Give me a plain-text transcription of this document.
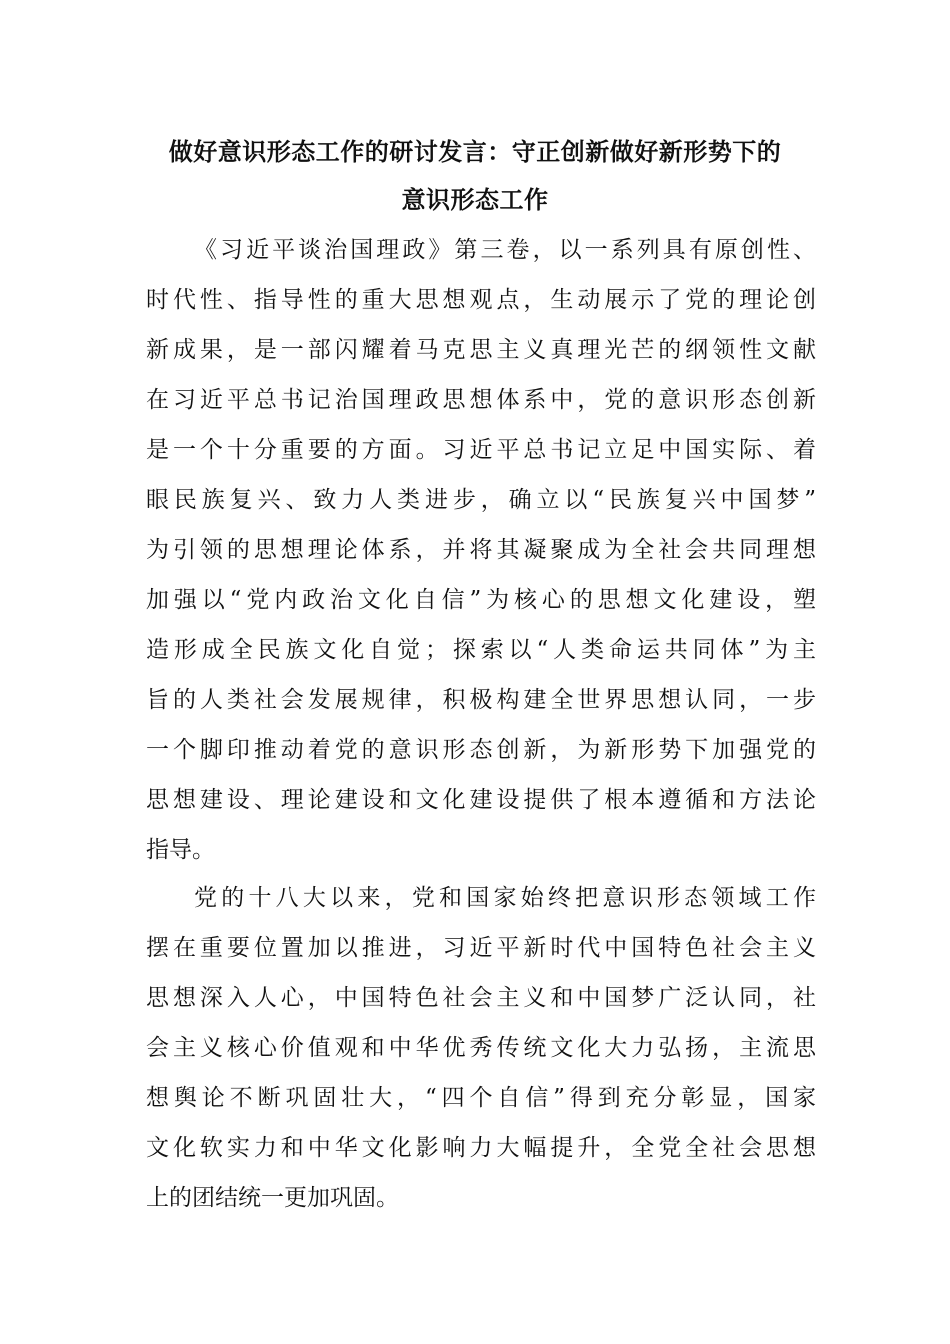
做好意识形态工作的研讨发言：守正创新做好新形势下的
意识形态工作
《习近平谈治国理政》第三卷，以一系列具有原创性、
时代性、指导性的重大思想观点，生动展示了党的理论创
新成果，是一部闪耀着马克思主义真理光芒的纲领性文献
在习近平总书记治国理政思想体系中，党的意识形态创新
是一个十分重要的方面。习近平总书记立足中国实际、着
眼民族复兴、致力人类进步，确立以“民族复兴中国梦”
为引领的思想理论体系，并将其凝聚成为全社会共同理想
加强以“党内政治文化自信”为核心的思想文化建设，塑
造形成全民族文化自觉；探索以“人类命运共同体”为主
旨的人类社会发展规律，积极构建全世界思想认同，一步
一个脚印推动着党的意识形态创新，为新形势下加强党的
思想建设、理论建设和文化建设提供了根本遵循和方法论
指导。
党的十八大以来，党和国家始终把意识形态领域工作
摆在重要位置加以推进，习近平新时代中国特色社会主义
思想深入人心，中国特色社会主义和中国梦广泛认同，社
会主义核心价值观和中华优秀传统文化大力弘扬，主流思
想舆论不断巩固壮大，“四个自信”得到充分彰显，国家
文化软实力和中华文化影响力大幅提升，全党全社会思想
上的团结统一更加巩固。
